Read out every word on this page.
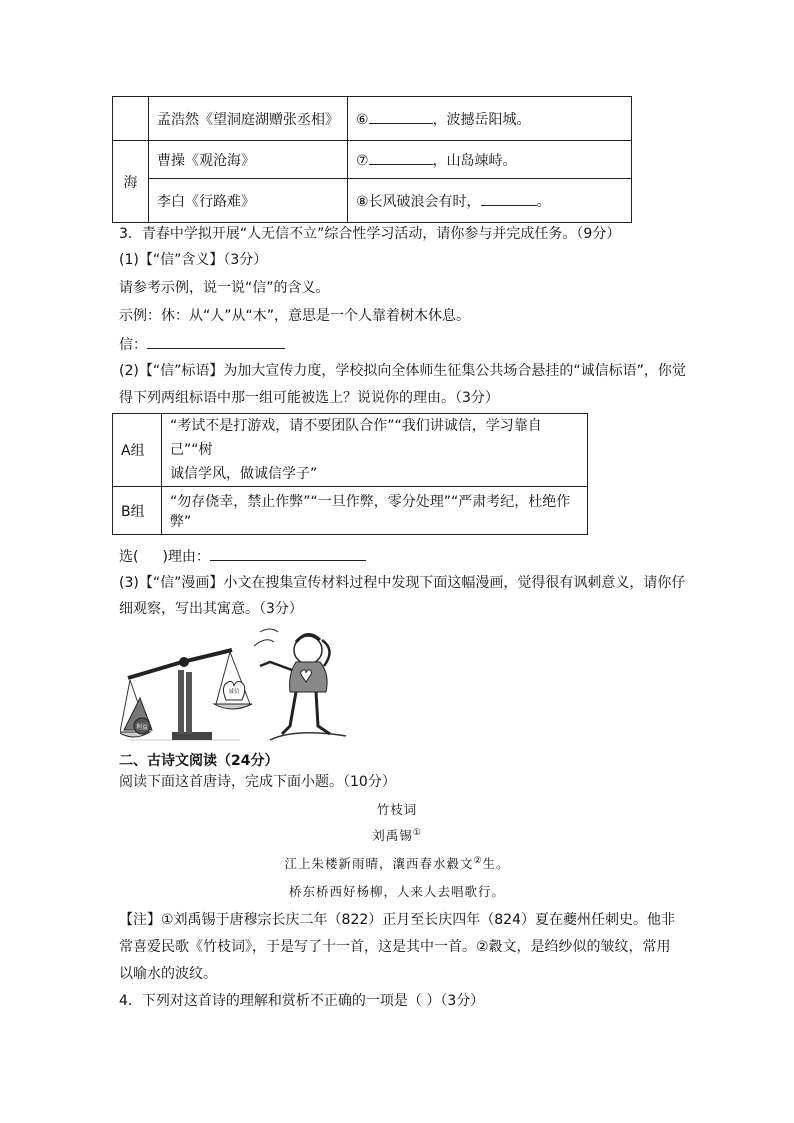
	孟浩然《望洞庭湖赠张丞相》	⑥ ，波撼岳阳城。
海	曹操《观沧海》	⑦ ，山岛竦峙。
	李白《行路难》	⑧长风破浪会有时， 。
3．青春中学拟开展“人无信不立”综合性学习活动，请你参与并完成任务。（9分）
(1)【“信”含义】（3分）
请参考示例，说一说“信”的含义。
示例：休：从“人”从“木”，意思是一个人靠着树木休息。
信：
(2)【“信”标语】为加大宣传力度，学校拟向全体师生征集公共场合悬挂的“诚信标语”，你觉
得下列两组标语中那一组可能被选上？说说你的理由。（3分）
A组	“考试不是打游戏，请不要团队合作”“我们讲诚信，学习靠自己”“树
诚信学风，做诚信学子”

B组	“勿存侥幸，禁止作弊”“一旦作弊，零分处理”“严肃考纪，杜绝作弊”
选( )理由：
(3)【“信”漫画】小文在搜集宣传材料过程中发现下面这幅漫画，觉得很有讽刺意义，请你仔
细观察，写出其寓意。（3分）
利益
诚信
二、古诗文阅读（24分）
阅读下面这首唐诗，完成下面小题。（10分）
竹枝词
刘禹锡①
江上朱楼新雨晴，瀼西春水縠文②生。
桥东桥西好杨柳，人来人去唱歌行。
【注】①刘禹锡于唐穆宗长庆二年（822）正月至长庆四年（824）夏在夔州任刺史。他非
常喜爱民歌《竹枝词》，于是写了十一首，这是其中一首。②縠文，是绉纱似的皱纹，常用
以喻水的波纹。
4．下列对这首诗的理解和赏析不正确的一项是（ ）（3分）
